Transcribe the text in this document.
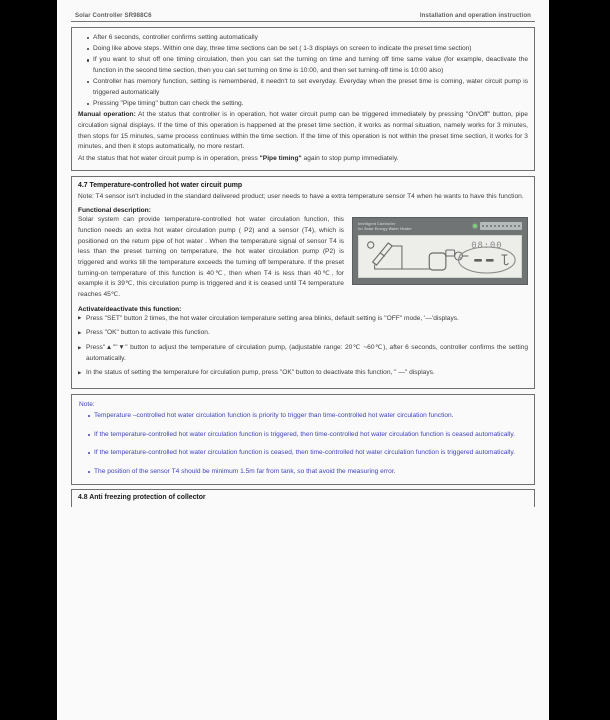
Solar Controller SR988C6	Installation and operation instruction
After 6 seconds, controller confirms setting automatically
Doing like above steps. Within one day, three time sections can be set ( 1-3 displays on screen to indicate the preset time section)
If you want to shut off one timing circulation, then you can set the turning on time and turning off time same value (for example, deactivate the function in the second time section, then you can set turning on time is 10:00, and then set turning-off time is 10:00 also)
Controller has memory function, setting is remembered, it needn't to set everyday. Everyday when the preset time is coming, water circuit pump is triggered automatically
Pressing "Pipe timing" button can check the setting.

Manual operation: At the status that controller is in operation, hot water circuit pump can be triggered immediately by pressing "On/Off" button, pipe circulation signal displays. If the time of this operation is happened at the preset time section, it works as normal situation, namely works for 3 minutes, then stops for 15 minutes, same process continues within the time section. If the time of this operation is not within the preset time section, it works for 3 minutes, and then it stops automatically, no more restart.

At the status that hot water circuit pump is in operation, press "Pipe timing" again to stop pump immediately.

4.7 Temperature-controlled hot water circuit pump

Note: T4 sensor isn't included in the standard delivered product; user needs to have a extra temperature sensor T4 when he wants to have this function.

Functional description:
Intelligent Controller
for Solar Energy Water Heater
08:00

Solar system can provide temperature-controlled hot water circulation function, this function needs an extra hot water circulation pump ( P2) and a sensor (T4), which is positioned on the return pipe of hot water . When the temperature signal of sensor T4 is less than the preset turning on temperature, the hot water circulation pump (P2) is triggered and works till the temperature exceeds the turning off temperature. If the preset turning-on temperature of this function is 40℃, then when T4 is less than 40℃, for example it is 39℃, this circulation pump is triggered and it is ceased until T4 temperature reaches 45℃.

Activate/deactivate this function:
▶ Press "SET" button 2 times, the hot water circulation temperature setting area blinks, default setting is "OFF" mode, '—'displays.
▶ Press "OK" button to activate this function.
▶ Press"▲""▼" button to adjust the temperature of circulation pump, (adjustable range: 20℃ ~60℃), after 6 seconds, controller confirms the setting automatically.
▶ In the status of setting the temperature for circulation pump, press "OK" button to deactivate this function, " —" displays.
Note:
Temperature –controlled hot water circulation function is priority to trigger than time-controlled hot water circulation function.
If the temperature-controlled hot water circulation function is triggered, then time-controlled hot water circulation function is ceased automatically.
If the temperature-controlled hot water circulation function is ceased, then time-controlled hot water circulation function is triggered automatically.
The position of the sensor T4 should be minimum 1.5m far from tank, so that avoid the measuring error.
4.8 Anti freezing protection of collector
